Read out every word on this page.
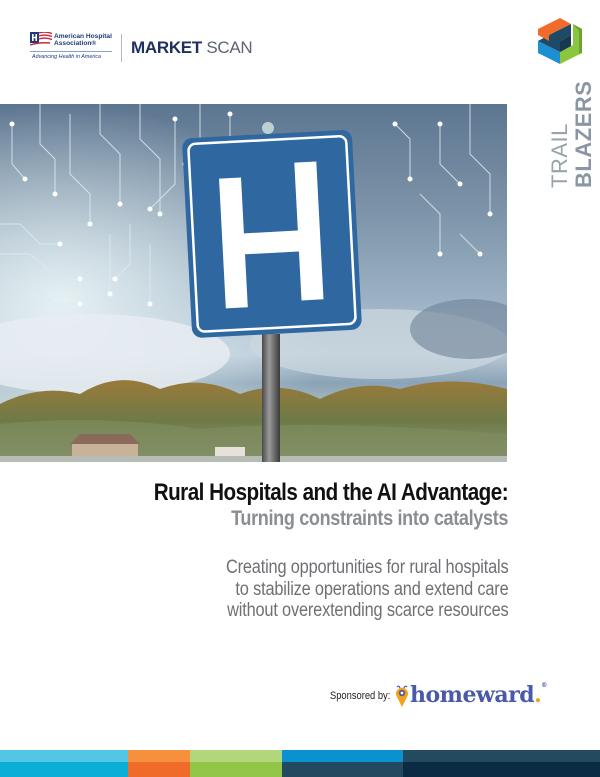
American Hospital
Association®
Advancing Health in America MARKET SCAN
TRAIL BLAZERS
Rural Hospitals and the AI Advantage:
Turning constraints into catalysts
Creating opportunities for rural hospitals
to stabilize operations and extend care
without overextending scarce resources
Sponsored by: homeward.®
